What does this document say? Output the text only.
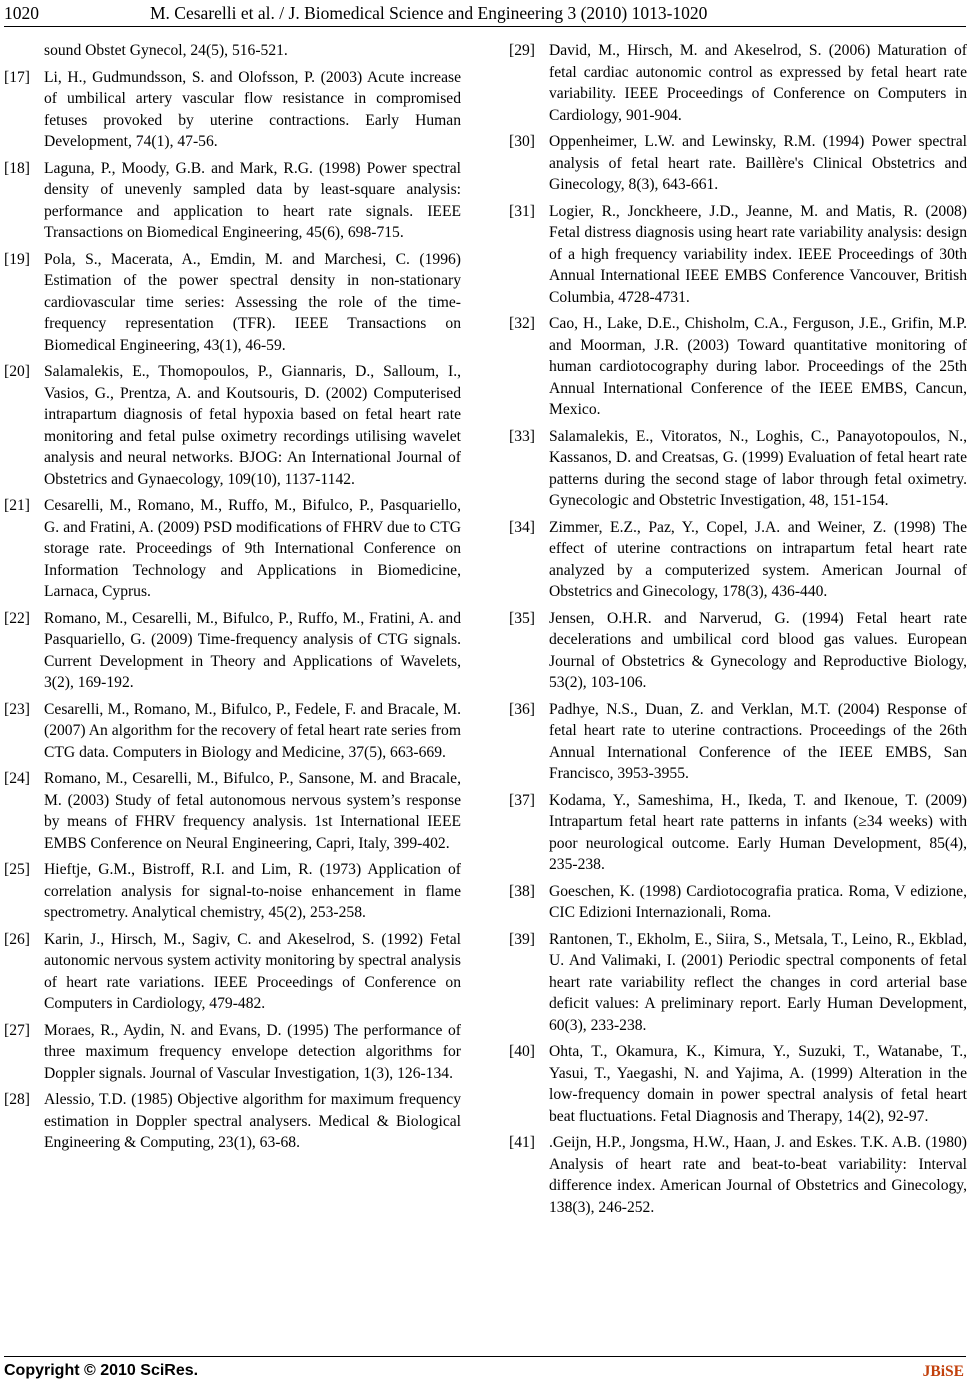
1020	M. Cesarelli et al. / J. Biomedical Science and Engineering 3 (2010) 1013-1020
sound Obstet Gynecol, 24(5), 516-521.
[17] Li, H., Gudmundsson, S. and Olofsson, P. (2003) Acute increase of umbilical artery vascular flow resistance in compromised fetuses provoked by uterine contractions. Early Human Development, 74(1), 47-56.
[18] Laguna, P., Moody, G.B. and Mark, R.G. (1998) Power spectral density of unevenly sampled data by least-square analysis: performance and application to heart rate signals. IEEE Transactions on Biomedical Engineering, 45(6), 698-715.
[19] Pola, S., Macerata, A., Emdin, M. and Marchesi, C. (1996) Estimation of the power spectral density in non-stationary cardiovascular time series: Assessing the role of the time-frequency representation (TFR). IEEE Transactions on Biomedical Engineering, 43(1), 46-59.
[20] Salamalekis, E., Thomopoulos, P., Giannaris, D., Salloum, I., Vasios, G., Prentza, A. and Koutsouris, D. (2002) Computerised intrapartum diagnosis of fetal hypoxia based on fetal heart rate monitoring and fetal pulse oximetry recordings utilising wavelet analysis and neural networks. BJOG: An International Journal of Obstetrics and Gynaecology, 109(10), 1137-1142.
[21] Cesarelli, M., Romano, M., Ruffo, M., Bifulco, P., Pasquariello, G. and Fratini, A. (2009) PSD modifications of FHRV due to CTG storage rate. Proceedings of 9th International Conference on Information Technology and Applications in Biomedicine, Larnaca, Cyprus.
[22] Romano, M., Cesarelli, M., Bifulco, P., Ruffo, M., Fratini, A. and Pasquariello, G. (2009) Time-frequency analysis of CTG signals. Current Development in Theory and Applications of Wavelets, 3(2), 169-192.
[23] Cesarelli, M., Romano, M., Bifulco, P., Fedele, F. and Bracale, M. (2007) An algorithm for the recovery of fetal heart rate series from CTG data. Computers in Biology and Medicine, 37(5), 663-669.
[24] Romano, M., Cesarelli, M., Bifulco, P., Sansone, M. and Bracale, M. (2003) Study of fetal autonomous nervous system’s response by means of FHRV frequency analysis. 1st International IEEE EMBS Conference on Neural Engineering, Capri, Italy, 399-402.
[25] Hieftje, G.M., Bistroff, R.I. and Lim, R. (1973) Application of correlation analysis for signal-to-noise enhancement in flame spectrometry. Analytical chemistry, 45(2), 253-258.
[26] Karin, J., Hirsch, M., Sagiv, C. and Akeselrod, S. (1992) Fetal autonomic nervous system activity monitoring by spectral analysis of heart rate variations. IEEE Proceedings of Conference on Computers in Cardiology, 479-482.
[27] Moraes, R., Aydin, N. and Evans, D. (1995) The performance of three maximum frequency envelope detection algorithms for Doppler signals. Journal of Vascular Investigation, 1(3), 126-134.
[28] Alessio, T.D. (1985) Objective algorithm for maximum frequency estimation in Doppler spectral analysers. Medical & Biological Engineering & Computing, 23(1), 63-68.
[29] David, M., Hirsch, M. and Akeselrod, S. (2006) Maturation of fetal cardiac autonomic control as expressed by fetal heart rate variability. IEEE Proceedings of Conference on Computers in Cardiology, 901-904.
[30] Oppenheimer, L.W. and Lewinsky, R.M. (1994) Power spectral analysis of fetal heart rate. Baillère's Clinical Obstetrics and Ginecology, 8(3), 643-661.
[31] Logier, R., Jonckheere, J.D., Jeanne, M. and Matis, R. (2008) Fetal distress diagnosis using heart rate variability analysis: design of a high frequency variability index. IEEE Proceedings of 30th Annual International IEEE EMBS Conference Vancouver, British Columbia, 4728-4731.
[32] Cao, H., Lake, D.E., Chisholm, C.A., Ferguson, J.E., Grifin, M.P. and Moorman, J.R. (2003) Toward quantitative monitoring of human cardiotocography during labor. Proceedings of the 25th Annual International Conference of the IEEE EMBS, Cancun, Mexico.
[33] Salamalekis, E., Vitoratos, N., Loghis, C., Panayotopoulos, N., Kassanos, D. and Creatsas, G. (1999) Evaluation of fetal heart rate patterns during the second stage of labor through fetal oximetry. Gynecologic and Obstetric Investigation, 48, 151-154.
[34] Zimmer, E.Z., Paz, Y., Copel, J.A. and Weiner, Z. (1998) The effect of uterine contractions on intrapartum fetal heart rate analyzed by a computerized system. American Journal of Obstetrics and Ginecology, 178(3), 436-440.
[35] Jensen, O.H.R. and Narverud, G. (1994) Fetal heart rate decelerations and umbilical cord blood gas values. European Journal of Obstetrics & Gynecology and Reproductive Biology, 53(2), 103-106.
[36] Padhye, N.S., Duan, Z. and Verklan, M.T. (2004) Response of fetal heart rate to uterine contractions. Proceedings of the 26th Annual International Conference of the IEEE EMBS, San Francisco, 3953-3955.
[37] Kodama, Y., Sameshima, H., Ikeda, T. and Ikenoue, T. (2009) Intrapartum fetal heart rate patterns in infants (≥34 weeks) with poor neurological outcome. Early Human Development, 85(4), 235-238.
[38] Goeschen, K. (1998) Cardiotocografia pratica. Roma, V edizione, CIC Edizioni Internazionali, Roma.
[39] Rantonen, T., Ekholm, E., Siira, S., Metsala, T., Leino, R., Ekblad, U. And Valimaki, I. (2001) Periodic spectral components of fetal heart rate variability reflect the changes in cord arterial base deficit values: A preliminary report. Early Human Development, 60(3), 233-238.
[40] Ohta, T., Okamura, K., Kimura, Y., Suzuki, T., Watanabe, T., Yasui, T., Yaegashi, N. and Yajima, A. (1999) Alteration in the low-frequency domain in power spectral analysis of fetal heart beat fluctuations. Fetal Diagnosis and Therapy, 14(2), 92-97.
[41] .Geijn, H.P., Jongsma, H.W., Haan, J. and Eskes. T.K. A.B. (1980) Analysis of heart rate and beat-to-beat variability: Interval difference index. American Journal of Obstetrics and Ginecology, 138(3), 246-252.
Copyright © 2010 SciRes.	JBiSE
